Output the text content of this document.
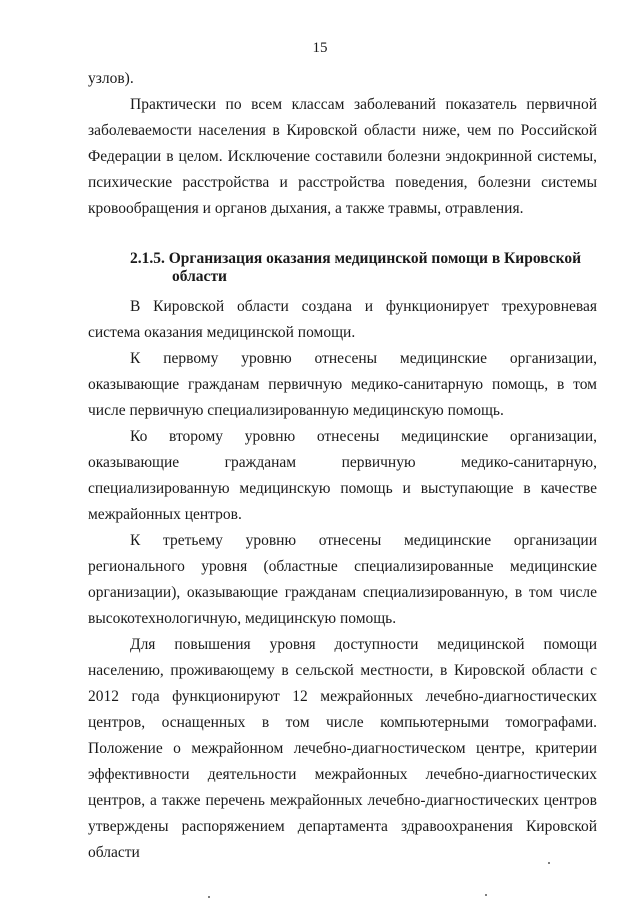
15

узлов).

Практически по всем классам заболеваний показатель первичной заболеваемости населения в Кировской области ниже, чем по Российской Федерации в целом. Исключение составили болезни эндокринной системы, психические расстройства и расстройства поведения, болезни системы кровообращения и органов дыхания, а также травмы, отравления.

2.1.5. Организация оказания медицинской помощи в Кировской

области

В Кировской области создана и функционирует трехуровневая система оказания медицинской помощи.

К первому уровню отнесены медицинские организации, оказывающие гражданам первичную медико-санитарную помощь, в том числе первичную специализированную медицинскую помощь.

Ко второму уровню отнесены медицинские организации, оказывающие гражданам первичную медико-санитарную, специализированную медицинскую помощь и выступающие в качестве межрайонных центров.

К третьему уровню отнесены медицинские организации регионального уровня (областные специализированные медицинские организации), оказывающие гражданам специализированную, в том числе высокотехнологичную, медицинскую помощь.

Для повышения уровня доступности медицинской помощи населению, проживающему в сельской местности, в Кировской области с 2012 года функционируют 12 межрайонных лечебно-диагностических центров, оснащенных в том числе компьютерными томографами. Положение о межрайонном лечебно-диагностическом центре, критерии эффективности деятельности межрайонных лечебно-диагностических центров, а также перечень межрайонных лечебно-диагностических центров утверждены распоряжением департамента здравоохранения Кировской области
